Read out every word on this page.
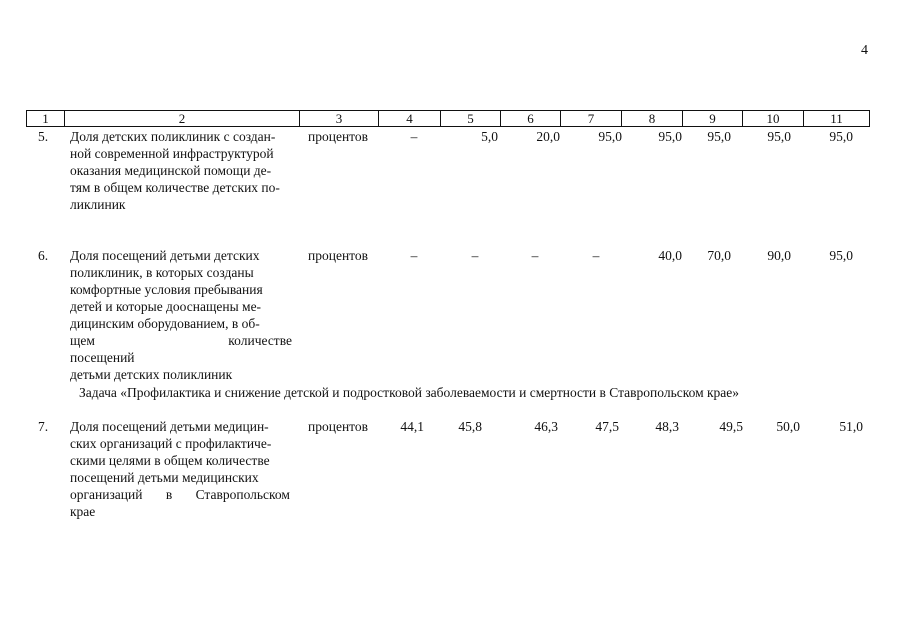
4
1	2	3	4	5	6	7	8	9	10	11
5. Доля детских поликлиник с создан-
ной современной инфраструктурой
оказания медицинской помощи де-
тям в общем количестве детских по-
ликлиник
процентов	–	5,0	20,0	95,0	95,0	95,0	95,0	95,0
6. Доля посещений детьми детских
поликлиник, в которых созданы
комфортные условия пребывания
детей и которые дооснащены ме-
дицинским оборудованием, в об-
щем количестве посещений
детьми детских поликлиник
процентов	–	–	–	–	40,0	70,0	90,0	95,0
Задача «Профилактика и снижение детской и подростковой заболеваемости и смертности в Ставропольском крае»
7. Доля посещений детьми медицин-
ских организаций с профилактиче-
скими целями в общем количестве
посещений детьми медицинских
организаций в Ставропольском
крае
процентов	44,1	45,8	46,3	47,5	48,3	49,5	50,0	51,0
